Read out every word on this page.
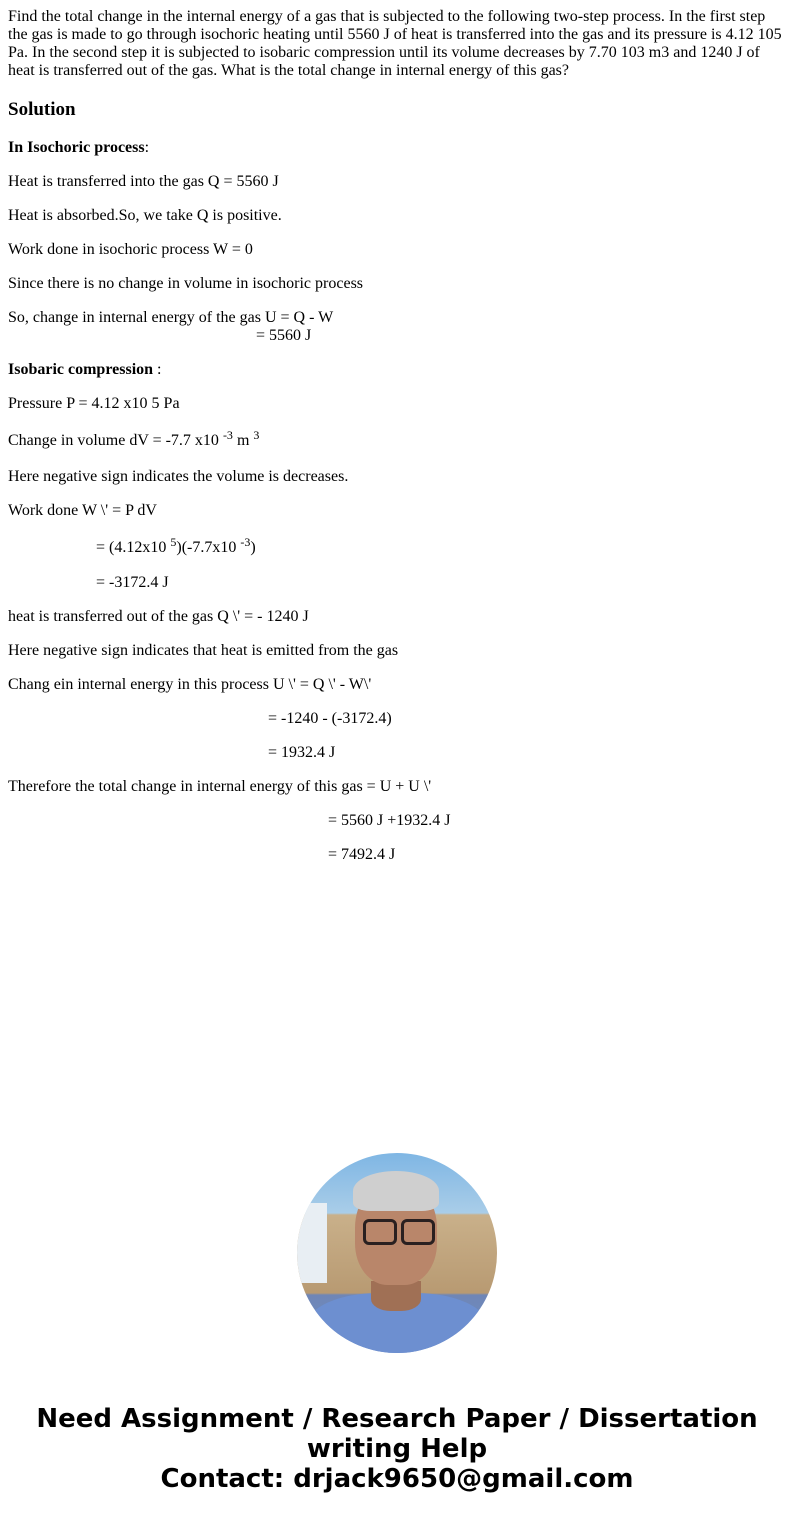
Find the total change in the internal energy of a gas that is subjected to the following two-step process. In the first step the gas is made to go through isochoric heating until 5560 J of heat is transferred into the gas and its pressure is 4.12 105 Pa. In the second step it is subjected to isobaric compression until its volume decreases by 7.70 103 m3 and 1240 J of heat is transferred out of the gas. What is the total change in internal energy of this gas?

Solution
In Isochoric process:
Heat is transferred into the gas Q = 5560 J
Heat is absorbed.So, we take Q is positive.
Work done in isochoric process W = 0
Since there is no change in volume in isochoric process
So, change in internal energy of the gas U = Q - W
= 5560 J
Isobaric compression :
Pressure P = 4.12 x10 5 Pa
Change in volume dV = -7.7 x10 $^{-3}$ m $^3$
Here negative sign indicates the volume is decreases.
Work done W \' = P dV
= (4.12x10 $^5$)(-7.7x10 $^{-3}$)
= -3172.4 J
heat is transferred out of the gas Q \' = - 1240 J
Here negative sign indicates that heat is emitted from the gas
Chang ein internal energy in this process U \' = Q \' - W\'
= -1240 - (-3172.4)
= 1932.4 J
Therefore the total change in internal energy of this gas = U + U \'
= 5560 J +1932.4 J
= 7492.4 J
Need Assignment / Research Paper / Dissertation
writing Help
Contact: drjack9650@gmail.com
